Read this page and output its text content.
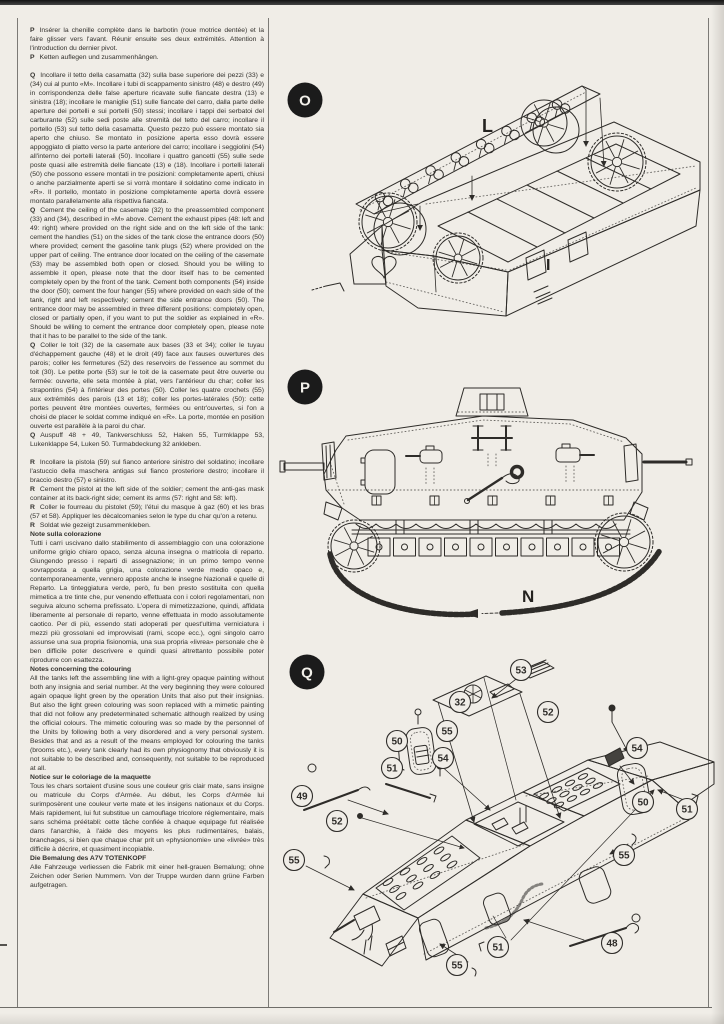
P Insérer la chenille complète dans le barbotin (roue motrice dentée) et la faire glisser vers l'avant. Réunir ensuite ses deux extrémités. Attention à l'introduction du dernier pivot.

P Ketten auflegen und zusammenhängen.

Q Incollare il tetto della casamatta (32) sulla base superiore dei pezzi (33) e (34) cui al punto «M». Incollare i tubi di scappamento sinistro (48) e destro (49) in corrispondenza delle false aperture ricavate sulle fiancate destra (13) e sinistra (18); incollare le maniglie (51) sulle fiancate del carro, dalla parte delle aperture dei portelli e sui portelli (50) stessi; incollare i tappi dei serbatoi del carburante (52) sulle sedi poste alle stremità del tetto del carro; incollare il portello (53) sul tetto della casamatta. Questo pezzo può essere montato sia aperto che chiuso. Se montato in posizione aperta esso dovrà essere appoggiato di piatto verso la parte anteriore del carro; incollare i seggiolini (54) all'interno dei portelli laterali (50). Incollare i quattro gancetti (55) sulle sede poste quasi alle estremità delle fiancate (13) e (18). Incollare i portelli laterali (50) che possono essere montati in tre posizioni: completamente aperti, chiusi o anche parzialmente aperti se si vorrà montare il soldatino come indicato in «R». Il portello, montato in posizione completamente aperta dovrà essere montato parallelamente alla rispettiva fiancata.

Q Cement the ceiling of the casemate (32) to the preassembled component (33) and (34), described in «M» above. Cement the exhaust pipes (48: left and 49: right) where provided on the right side and on the left side of the tank: cement the handles (51) on the sides of the tank close the entrance doors (50) where provided; cement the gasoline tank plugs (52) where provided on the upper part of ceiling. The entrance door located on the ceiling of the casemate (53) may be assembled both open or closed. Should you be willing to assemble it open, please note that the door itself has to be cemented completely open by the front of the tank. Cement both components (54) inside the door (50); cement the four hanger (55) where provided on each side of the tank, right and left respectively; cement the side entrance doors (50). The entrance door may be assembled in three different positions: completely open, closed or partially open, if you want to put the soldier as explained in «R». Should be willing to cement the entrance door completely open, please note that it has to be parallel to the side of the tank.

Q Coller le toit (32) de la casemate aux bases (33 et 34); coller le tuyau d'échappement gauche (48) et le droit (49) face aux fauses ouvertures des parois; coller les fermetures (52) des reservoirs de l'essence au sommet du toit (30). Le petite porte (53) sur le toit de la casemate peut être ouverte ou fermée: ouverte, elle seta montée à plat, vers l'antérieur du char; coller les strapontins (54) à l'intérieur des portes (50). Coller les quatre crochets (55) aux extrémités des parois (13 et 18); coller les portes-latérales (50): cette portes peuvent être montées ouvertes, fermées ou entr'ouvertes, si l'on a choisi de placer le soldat comme indiqué en «R». La porte, montée en position ouverte est parallèle à la paroi du char.

Q Auspuff 48 + 49, Tankverschluss 52, Haken 55, Turmklappe 53, Lukenklappe 54, Luken 50. Turmabdeckung 32 ankleben.

R Incollare la pistola (59) sul fianco anteriore sinistro del soldatino; incollare l'astuccio della maschera antigas sul fianco prosteriore destro; incollare il braccio destro (57) e sinistro.

R Cement the pistol at the left side of the soldier; cement the anti-gas mask container at its back-right side; cement its arms (57: right and 58: left).

R Coller le fourreau du pistolet (59); l'étui du masque à gaz (60) et les bras (57 et 58). Appliquer les dècalcomanies selon le type du char qu'on a retenu.

R Soldat wie gezeigt zusammenkleben.

Note sulla colorazione

Tutti i carri uscivano dallo stabilimento di assemblaggio con una colorazione uniforme grigio chiaro opaco, senza alcuna insegna o matricola di reparto. Giungendo presso i reparti di assegnazione; in un primo tempo venne sovrapposta a quella grigia, una colorazione verde medio opaco e, contemporaneamente, vennero apposte anche le insegne Nazionali e quelle di Reparto. La tinteggiatura verde, però, fu ben presto sostituita con quella mimetica a tre tinte che, pur venendo effettuata con i colori regolamentari, non seguiva alcuno schema prefissato. L'opera di mimetizzazione, quindi, affidata liberamente al personale di reparto, venne effettuata in modo assolutamente caotico. Per di più, essendo stati adoperati per quest'ultima verniciatura i mezzi più grossolani ed improvvisati (rami, scope ecc.), ogni singolo carro assunse una sua propria fisionomia, una sua propria «livrea» personale che è ben difficile poter descrivere e quindi quasi altrettanto possibile poter riprodurre con esattezza.

Notes concerning the colouring

All the tanks left the assembling line with a light-grey opaque painting without both any insignia and serial number. At the very beginning they were coloured again opaque light green by the operation Units that also put their insignias. But also the light green colouring was soon replaced with a mimetic painting that did not follow any predeterminated schematic although realized by using the official colours. The mimetic colouring was so made by the personnel of the Units by following both a very disordered and a very personal system. Besides that and as a result of the means employed for colouring the tanks (brooms etc.), every tank clearly had its own physiognomy that obviously it is not suitable to be described and, consequently, not suitable to be reproduced at all.

Notice sur le coloriage de la maquette

Tous les chars sortaient d'usine sous une couleur gris clair mate, sans insigne ou matricule du Corps d'Armée. Au début, les Corps d'Armée lui surimposèrent une couleur verte mate et les insigens nationaux et du Corps. Mais rapidement, lui fut substitue un camouflage tricolore réglementaire, mais sans schéma préétabli: cette tâche confiée à chaque equipage fut réalisée dans l'anarchie, à l'aide des moyens les plus rudimentaires, balais, branchages, si bien que chaque char prit un «physionomie» une «livrée» très difficile à décrire, et quasiment incopiable.

Die Bemalung des A7V TOTENKOPF

Alle Fahrzeuge verliessen die Fabrik mit einer hell-grauen Bemalung; ohne Zeichen oder Serien Nummern. Von der Truppe wurden dann grüne Farben aufgetragen.

L
I
O
N
P
53
32
52
55
50
54
51
54
49
52
50
51
55	55
51
55
48
Q
